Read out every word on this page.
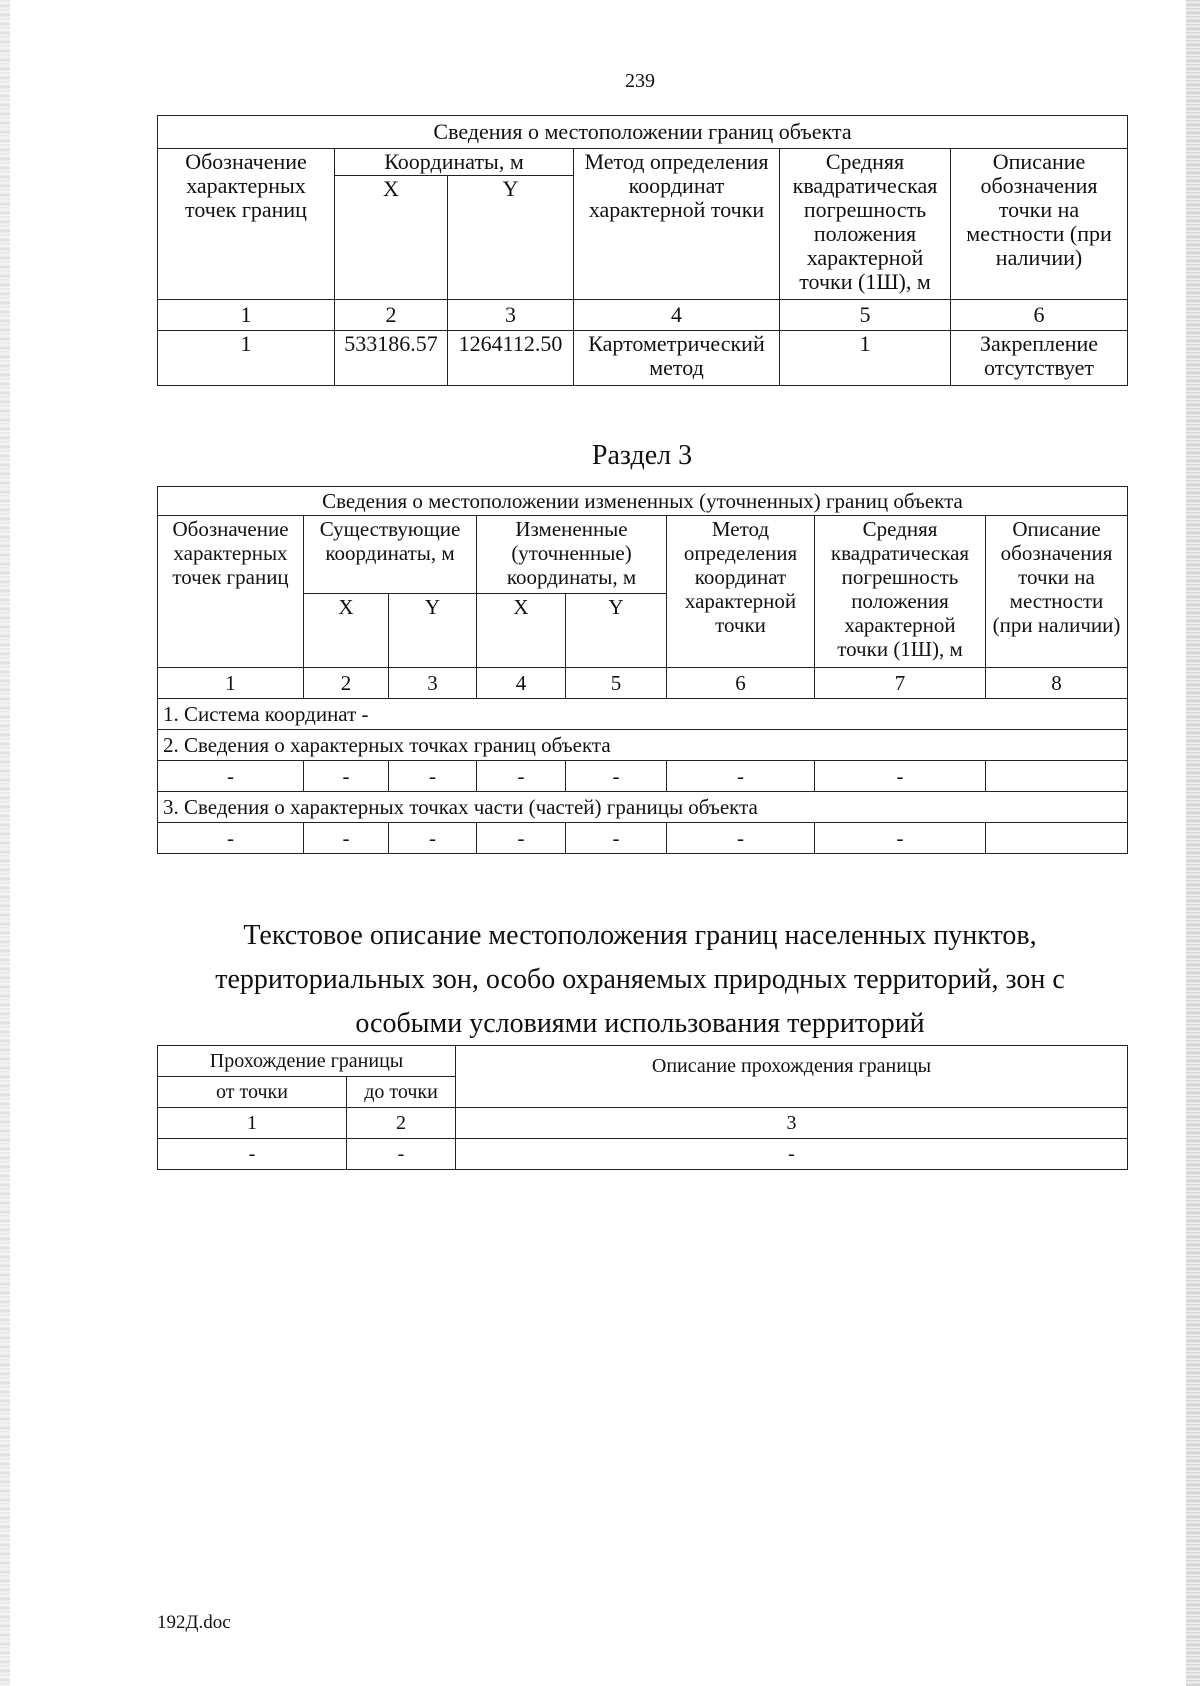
239
Сведения о местоположении границ объекта					
Обозначение характерных точек границ	Координаты, м		Метод определения координат характерной точки	Средняя квадратическая погрешность положения характерной точки (1Ш), м	Описание обозначения точки на местности (при наличии)
	X	Y			
1	2	3	4	5	6
1	533186.57	1264112.50	Картометрический метод	1	Закрепление отсутствует
Раздел 3
Сведения о местоположении измененных (уточненных) границ объекта							
Обозначение характерных точек границ	Существующие координаты, м		Измененные (уточненные) координаты, м		Метод определения координат характерной точки	Средняя квадратическая погрешность положения характерной точки (1Ш), м	Описание обозначения точки на местности (при наличии)
	X	Y	X	Y			
1	2	3	4	5	6	7	8
1. Система координат -							
2. Сведения о характерных точках границ объекта							
-	-	-	-	-	-	-	
3. Сведения о характерных точках части (частей) границы объекта							
-	-	-	-	-	-	-	
Текстовое описание местоположения границ населенных пунктов,
территориальных зон, особо охраняемых природных территорий, зон с
особыми условиями использования территорий
Прохождение границы		Описание прохождения границы
от точки	до точки	
1	2	3
-	-	-
192Д.doc
